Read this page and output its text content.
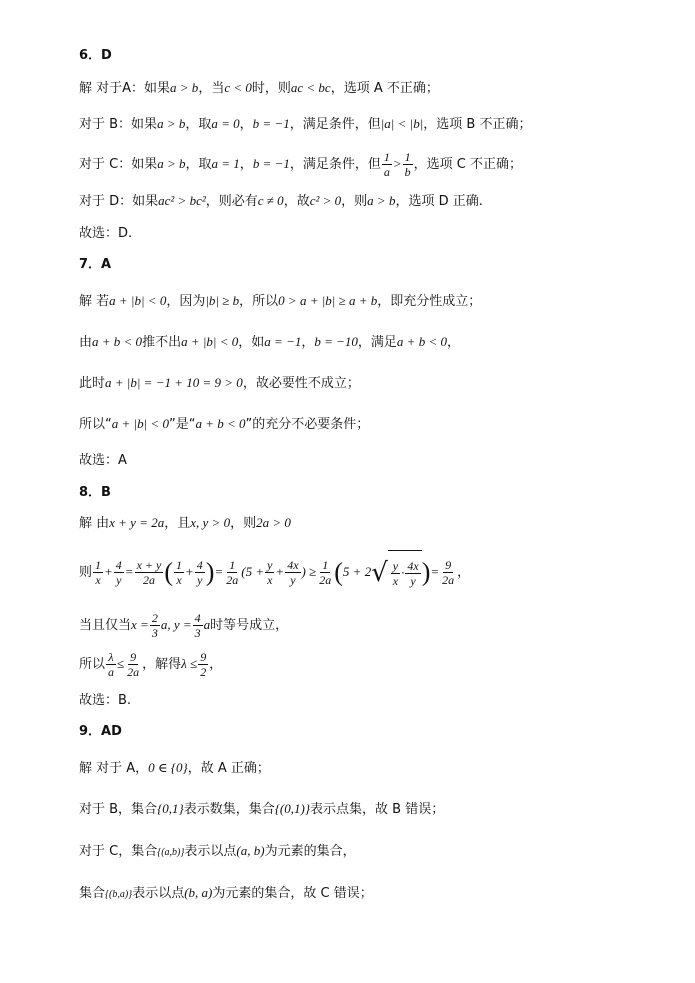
6．D
解 对于A：如果a > b，当c < 0时，则ac < bc，选项 A 不正确；
对于 B：如果a > b，取a = 0，b = −1，满足条件，但|a| < |b|，选项 B 不正确；
对于 C：如果a > b，取a = 1，b = −1，满足条件，但 $\frac{1}{a} > \frac{1}{b}$ ，选项 C 不正确；
对于 D：如果ac² > bc²，则必有c ≠ 0，故c² > 0，则a > b，选项 D 正确.
故选：D.
7．A
解 若a + |b| < 0，因为|b| ≥ b，所以0 > a + |b| ≥ a + b，即充分性成立；
由a + b < 0推不出a + |b| < 0，如a = −1，b = −10，满足a + b < 0，
此时a + |b| = −1 + 10 = 9 > 0，故必要性不成立；
所以“a + |b| < 0”是“a + b < 0”的充分不必要条件；
故选：A
8．B
解 由x + y = 2a，且x, y > 0，则2a > 0
则 $\frac{1}{x} + \frac{4}{y} = \frac{x + y}{2a}$ ( $\frac{1}{x} + \frac{4}{y}$ )= $\frac{1}{2a} (5 + \frac{y}{x} + \frac{4x}{y}$ ) ≥ $\frac{1}{2a} (5 + 2$ √ $\frac{y}{x} \cdot \frac{4x}{y}$ )= $\frac{9}{2a}$ ，
当且仅当$x = \frac{2}{3} a$, $y = \frac{4}{3}$ a时等号成立，
所以 $\frac{\lambda}{a} \le \frac{9}{2a}$ ，解得$\lambda \le \frac{9}{2}$ ，
故选：B.
9．AD
解 对于 A，0 ∈ {0}，故 A 正确；
对于 B，集合{0,1}表示数集，集合{(0,1)}表示点集，故 B 错误；
对于 C，集合{(a,b)}表示以点(a, b)为元素的集合，
集合{(b,a)}表示以点(b, a)为元素的集合，故 C 错误；
